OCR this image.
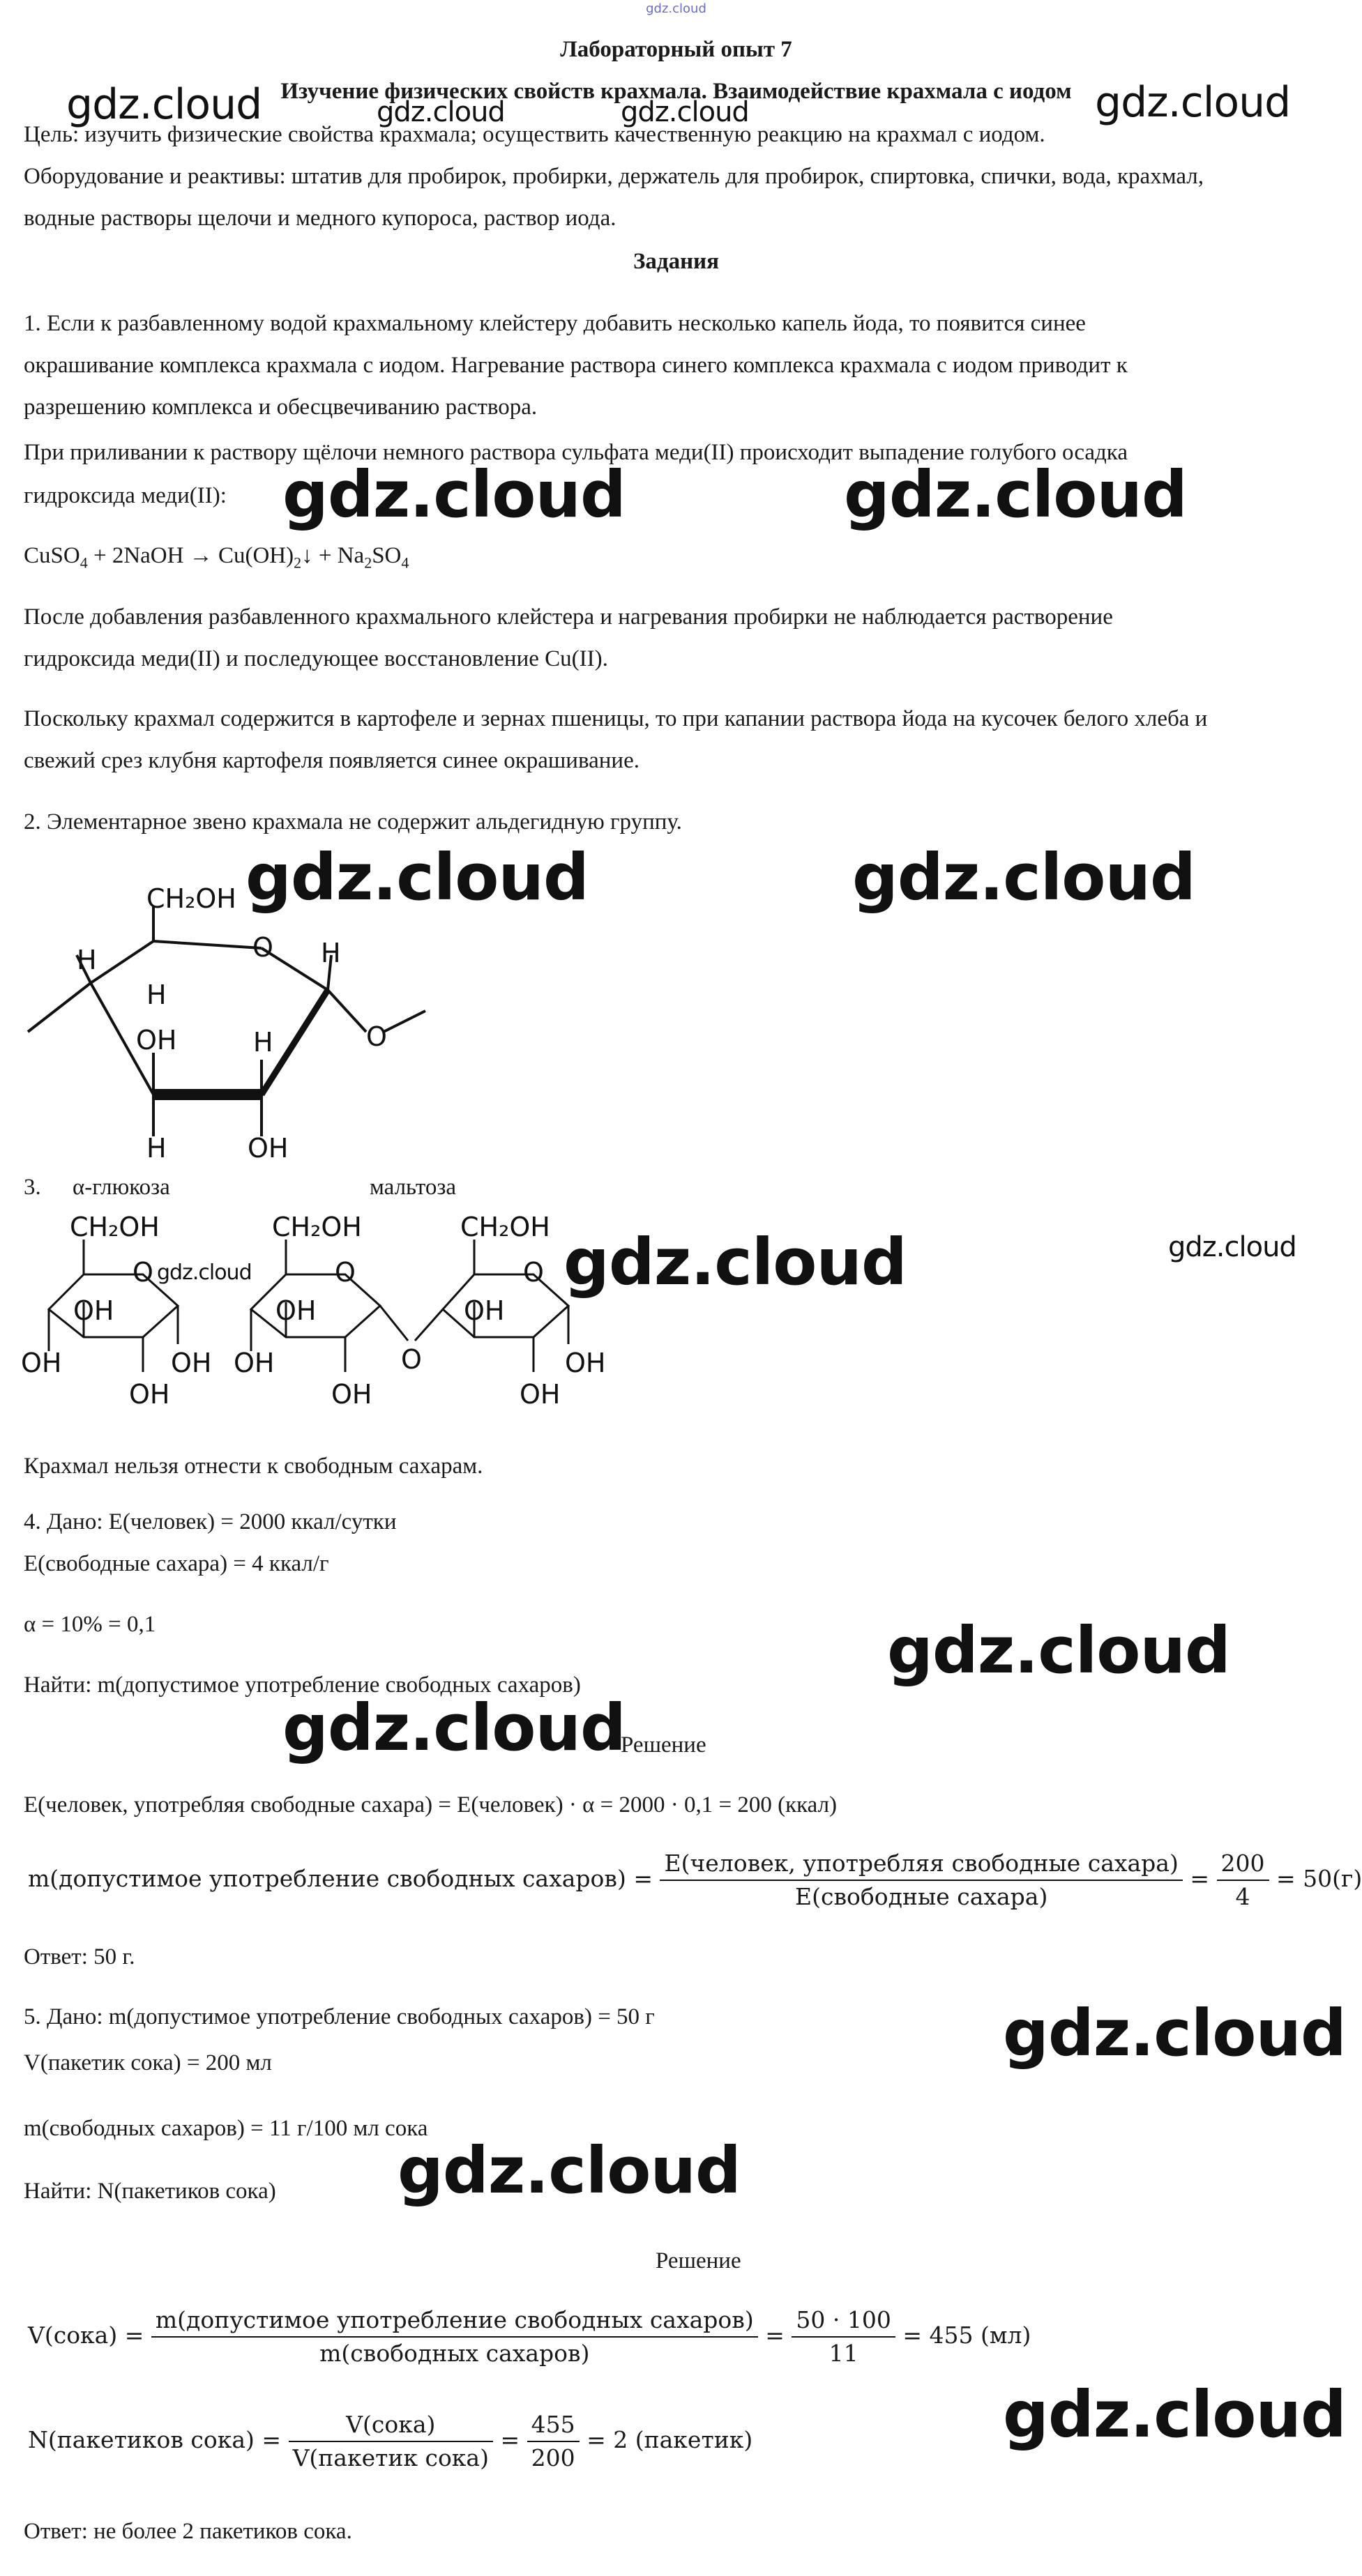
gdz.cloud
Лабораторный опыт 7
Изучение физических свойств крахмала. Взаимодействие крахмала с иодом
Цель: изучить физические свойства крахмала; осуществить качественную реакцию на крахмал с иодом.
Оборудование и реактивы: штатив для пробирок, пробирки, держатель для пробирок, спиртовка, спички, вода, крахмал,
водные растворы щелочи и медного купороса, раствор иода.
Задания
1. Если к разбавленному водой крахмальному клейстеру добавить несколько капель йода, то появится синее
окрашивание комплекса крахмала с иодом. Нагревание раствора синего комплекса крахмала с иодом приводит к
разрешению комплекса и обесцвечиванию раствора.
При приливании к раствору щёлочи немного раствора сульфата меди(II) происходит выпадение голубого осадка
гидроксида меди(II):
CuSO$_4$ + 2NaOH → $Cu(OH)_2↓ + Na_2SO_4$
После добавления разбавленного крахмального клейстера и нагревания пробирки не наблюдается растворение
гидроксида меди(II) и последующее восстановление Cu(II).
Поскольку крахмал содержится в картофеле и зернах пшеницы, то при капании раствора йода на кусочек белого хлеба и
свежий срез клубня картофеля появляется синее окрашивание.
2. Элементарное звено крахмала не содержит альдегидную группу.
CH₂OH
O
H
H
H
OH	H	O
H	OH
3. α-глюкоза	мальтоза
CH₂OH
O
OH
OH	OH
OH
CH₂OH
O
OH
OH
OH
O
CH₂OH
O
OH
OH
OH
Крахмал нельзя отнести к свободным сахарам.
4. Дано: E(человек) = 2000 ккал/сутки
E(свободные сахара) = 4 ккал/г
α = 10% = 0,1
Найти: m(допустимое употребление свободных сахаров)
Решение
E(человек, употребляя свободные сахара) = E(человек) · α = 2000 · 0,1 = 200 (ккал)
m(допустимое употребление свободных сахаров) = $\frac{\text{E(человек, употребляя свободные сахара)}}{\text{E(свободные сахара)}} = \frac{200}{4} = 50(г)$
Ответ: 50 г.
5. Дано: m(допустимое употребление свободных сахаров) = 50 г
V(пакетик сока) = 200 мл
m(свободных сахаров) = 11 г/100 мл сока
Найти: N(пакетиков сока)
Решение
V(сока) = $\frac{\text{m(допустимое употребление свободных сахаров)}}{\text{m(свободных сахаров)}} = \frac{50 \cdot 100}{11} = 455$ (мл)
N(пакетиков сока) = $\frac{\text{V(сока)}}{\text{V(пакетик сока)}} = \frac{455}{200} = 2$ (пакетик)
Ответ: не более 2 пакетиков сока.
gdz.cloud	gdz.cloud	gdz.cloud	gdz.cloud
gdz.cloud	gdz.cloud
gdz.cloud	gdz.cloud
gdz.cloud	gdz.cloud	gdz.cloud
gdz.cloud
gdz.cloud
gdz.cloud
gdz.cloud
gdz.cloud
